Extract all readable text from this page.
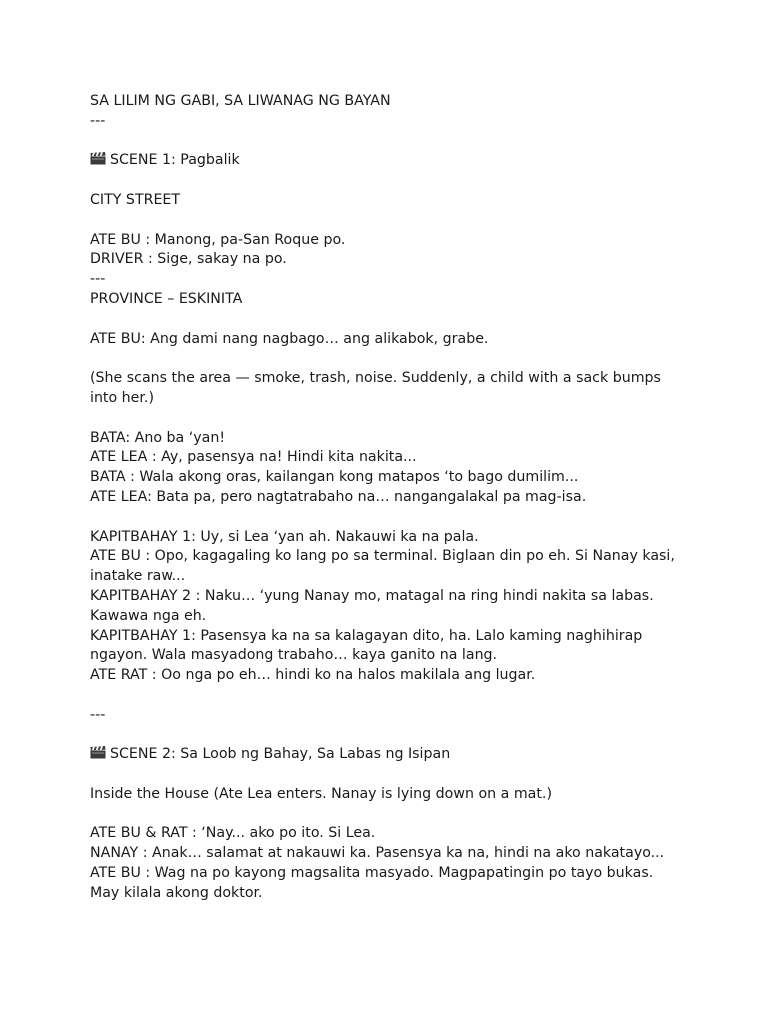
SA LILIM NG GABI, SA LIWANAG NG BAYAN
---
SCENE 1: Pagbalik
CITY STREET
ATE BU : Manong, pa-San Roque po.
DRIVER : Sige, sakay na po.
---
PROVINCE – ESKINITA
ATE BU: Ang dami nang nagbago… ang alikabok, grabe.
(She scans the area — smoke, trash, noise. Suddenly, a child with a sack bumps into her.)
BATA: Ano ba ‘yan!
ATE LEA : Ay, pasensya na! Hindi kita nakita...
BATA : Wala akong oras, kailangan kong matapos ‘to bago dumilim...
ATE LEA: Bata pa, pero nagtatrabaho na… nangangalakal pa mag-isa.
KAPITBAHAY 1: Uy, si Lea ‘yan ah. Nakauwi ka na pala.
ATE BU : Opo, kagagaling ko lang po sa terminal. Biglaan din po eh. Si Nanay kasi, inatake raw...
KAPITBAHAY 2 : Naku… ‘yung Nanay mo, matagal na ring hindi nakita sa labas. Kawawa nga eh.
KAPITBAHAY 1: Pasensya ka na sa kalagayan dito, ha. Lalo kaming naghihirap ngayon. Wala masyadong trabaho… kaya ganito na lang.
ATE RAT : Oo nga po eh… hindi ko na halos makilala ang lugar.
---
SCENE 2: Sa Loob ng Bahay, Sa Labas ng Isipan
Inside the House (Ate Lea enters. Nanay is lying down on a mat.)
ATE BU & RAT : ‘Nay... ako po ito. Si Lea.
NANAY : Anak… salamat at nakauwi ka. Pasensya ka na, hindi na ako nakatayo...
ATE BU : Wag na po kayong magsalita masyado. Magpapatingin po tayo bukas. May kilala akong doktor.
